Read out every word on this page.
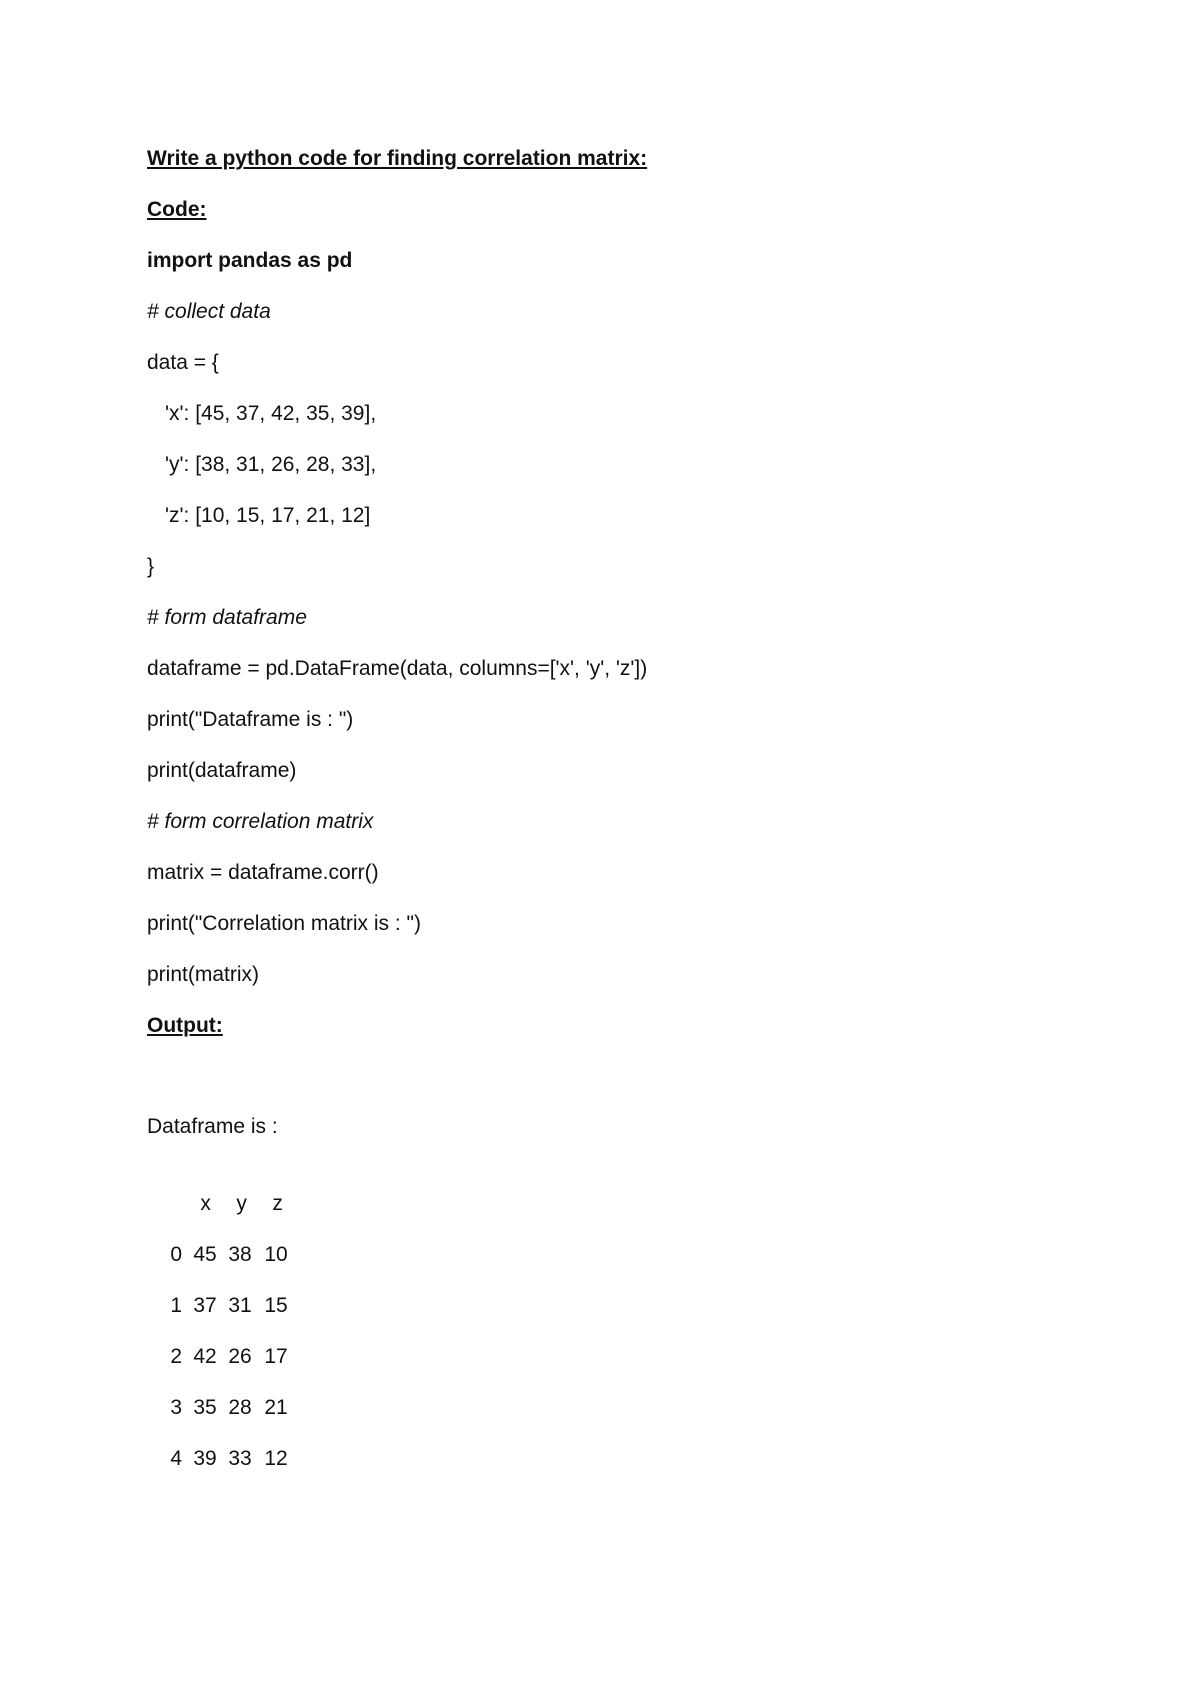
Write a python code for finding correlation matrix:
Code:
import pandas as pd
# collect data
data = {
'x': [45, 37, 42, 35, 39],
'y': [38, 31, 26, 28, 33],
'z': [10, 15, 17, 21, 12]
}
# form dataframe
dataframe = pd.DataFrame(data, columns=['x', 'y', 'z'])
print("Dataframe is : ")
print(dataframe)
# form correlation matrix
matrix = dataframe.corr()
print("Correlation matrix is : ")
print(matrix)
Output:
Dataframe is :

x y z

0 45 38 10

1 37 31 15

2 42 26 17

3 35 28 21

4 39 33 12
